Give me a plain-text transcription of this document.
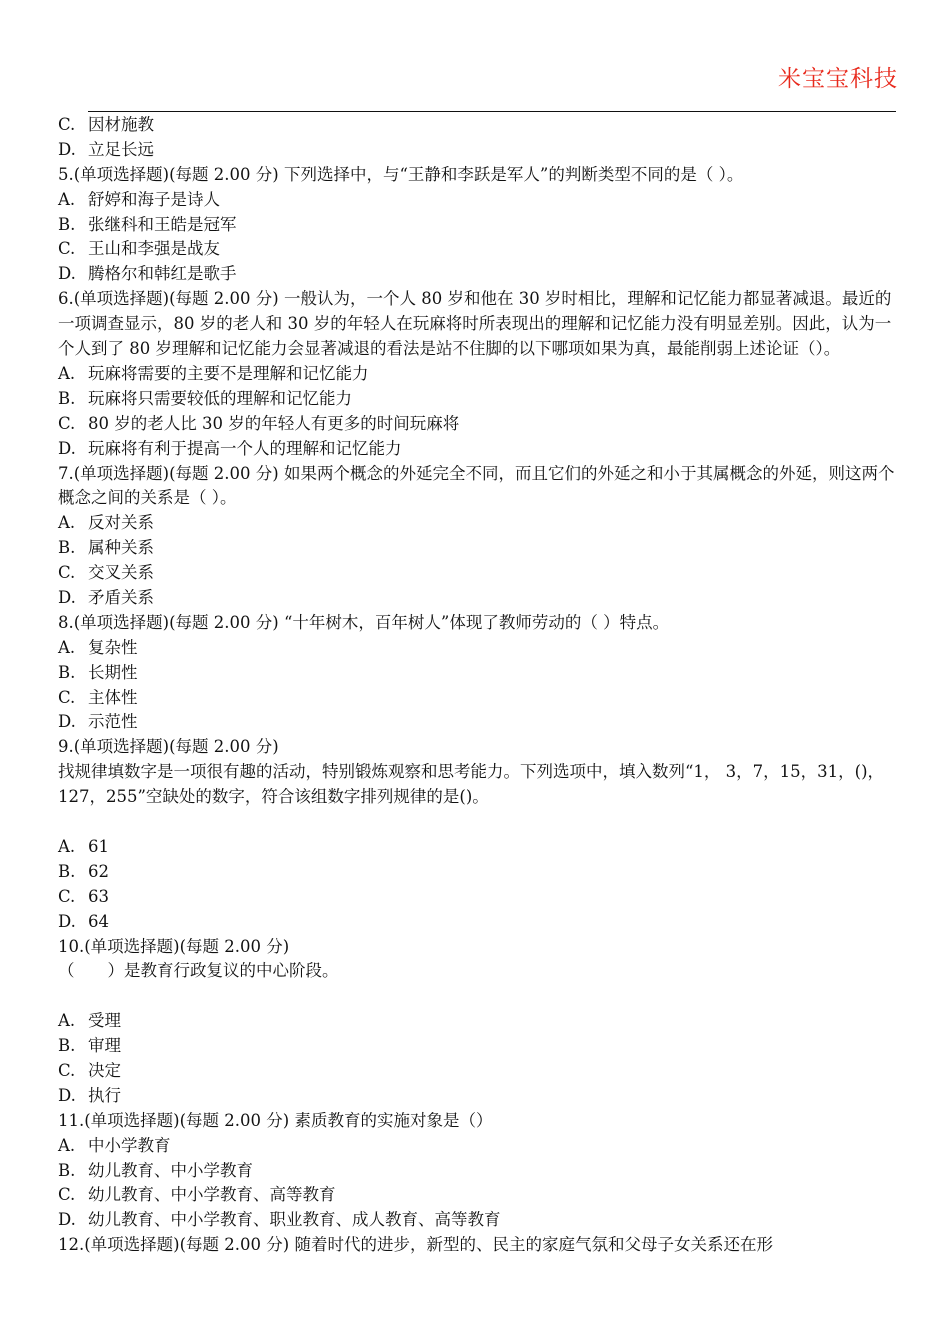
米宝宝科技
C. 因材施教
D. 立足长远
5.(单项选择题)(每题 2.00 分) 下列选择中，与“王静和李跃是军人”的判断类型不同的是（ ）。
A. 舒婷和海子是诗人
B. 张继科和王皓是冠军
C. 王山和李强是战友
D. 腾格尔和韩红是歌手
6.(单项选择题)(每题 2.00 分) 一般认为，一个人 80 岁和他在 30 岁时相比，理解和记忆能力都显著减退。最近的一项调查显示，80 岁的老人和 30 岁的年轻人在玩麻将时所表现出的理解和记忆能力没有明显差别。因此，认为一个人到了 80 岁理解和记忆能力会显著减退的看法是站不住脚的以下哪项如果为真，最能削弱上述论证（）。
A. 玩麻将需要的主要不是理解和记忆能力
B. 玩麻将只需要较低的理解和记忆能力
C. 80 岁的老人比 30 岁的年轻人有更多的时间玩麻将
D. 玩麻将有利于提高一个人的理解和记忆能力
7.(单项选择题)(每题 2.00 分) 如果两个概念的外延完全不同，而且它们的外延之和小于其属概念的外延，则这两个概念之间的关系是（ ）。
A. 反对关系
B. 属种关系
C. 交叉关系
D. 矛盾关系
8.(单项选择题)(每题 2.00 分) “十年树木，百年树人”体现了教师劳动的（ ）特点。
A. 复杂性
B. 长期性
C. 主体性
D. 示范性
9.(单项选择题)(每题 2.00 分)
找规律填数字是一项很有趣的活动，特别锻炼观察和思考能力。下列选项中，填入数列“1， 3，7，15，31，()，127，255”空缺处的数字，符合该组数字排列规律的是()。
A. 61
B. 62
C. 63
D. 64
10.(单项选择题)(每题 2.00 分)
（　　）是教育行政复议的中心阶段。
A. 受理
B. 审理
C. 决定
D. 执行
11.(单项选择题)(每题 2.00 分) 素质教育的实施对象是（）
A. 中小学教育
B. 幼儿教育、中小学教育
C. 幼儿教育、中小学教育、高等教育
D. 幼儿教育、中小学教育、职业教育、成人教育、高等教育
12.(单项选择题)(每题 2.00 分) 随着时代的进步，新型的、民主的家庭气氛和父母子女关系还在形
